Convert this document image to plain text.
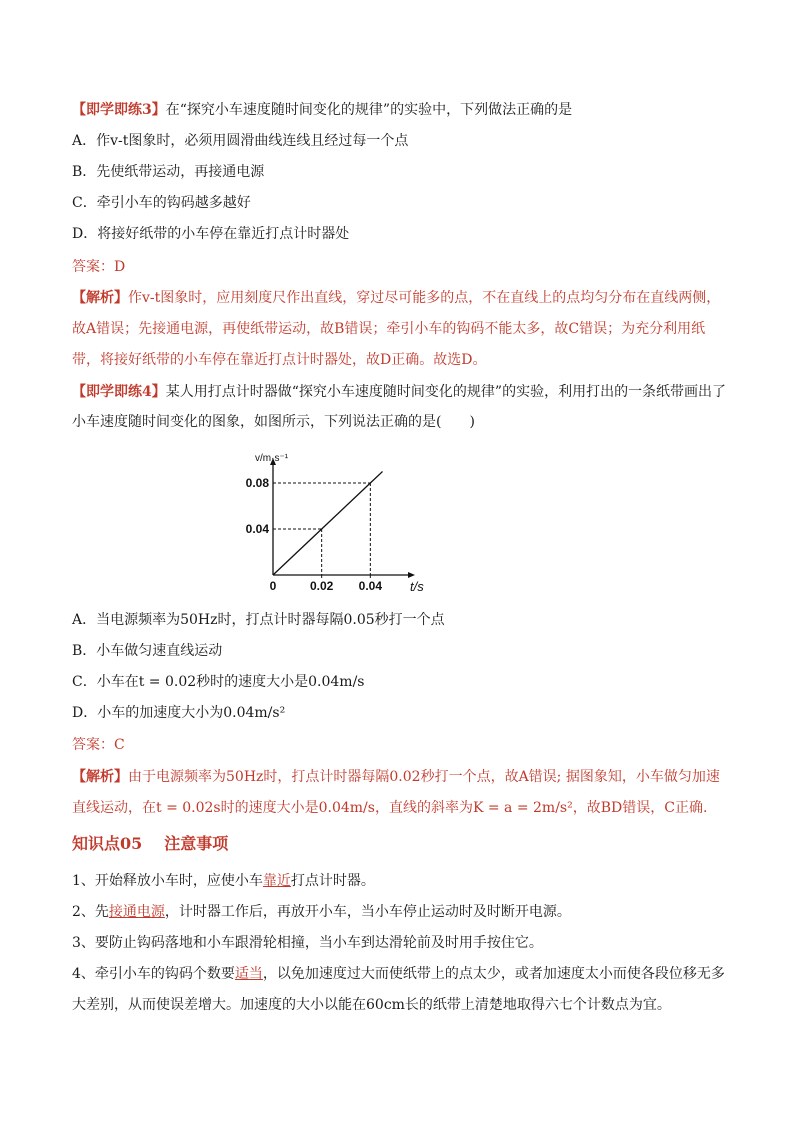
【即学即练3】在“探究小车速度随时间变化的规律”的实验中，下列做法正确的是
A．作v-t图象时，必须用圆滑曲线连线且经过每一个点
B．先使纸带运动，再接通电源
C．牵引小车的钩码越多越好
D．将接好纸带的小车停在靠近打点计时器处
答案：D
【解析】作v-t图象时，应用刻度尺作出直线，穿过尽可能多的点，不在直线上的点均匀分布在直线两侧，
故A错误；先接通电源，再使纸带运动，故B错误；牵引小车的钩码不能太多，故C错误；为充分利用纸
带，将接好纸带的小车停在靠近打点计时器处，故D正确。故选D。
【即学即练4】某人用打点计时器做“探究小车速度随时间变化的规律”的实验，利用打出的一条纸带画出了
小车速度随时间变化的图象，如图所示，下列说法正确的是(　　)
A．当电源频率为50Hz时，打点计时器每隔0.05秒打一个点
B．小车做匀速直线运动
C．小车在t = 0.02秒时的速度大小是0.04m/s
D．小车的加速度大小为0.04m/s²
答案：C
【解析】由于电源频率为50Hz时，打点计时器每隔0.02秒打一个点，故A错误; 据图象知，小车做匀加速
直线运动，在t = 0.02s时的速度大小是0.04m/s，直线的斜率为K = a = 2m/s²，故BD错误，C正确.
知识点05 注意事项
1、开始释放小车时，应使小车靠近打点计时器。
2、先接通电源，计时器工作后，再放开小车，当小车停止运动时及时断开电源。
3、要防止钩码落地和小车跟滑轮相撞，当小车到达滑轮前及时用手按住它。
4、牵引小车的钩码个数要适当，以免加速度过大而使纸带上的点太少，或者加速度太小而使各段位移无多
大差别，从而使误差增大。加速度的大小以能在60cm长的纸带上清楚地取得六七个计数点为宜。
0.02 0.04
0.04
0.08
0	t/s
v/m·s⁻¹
